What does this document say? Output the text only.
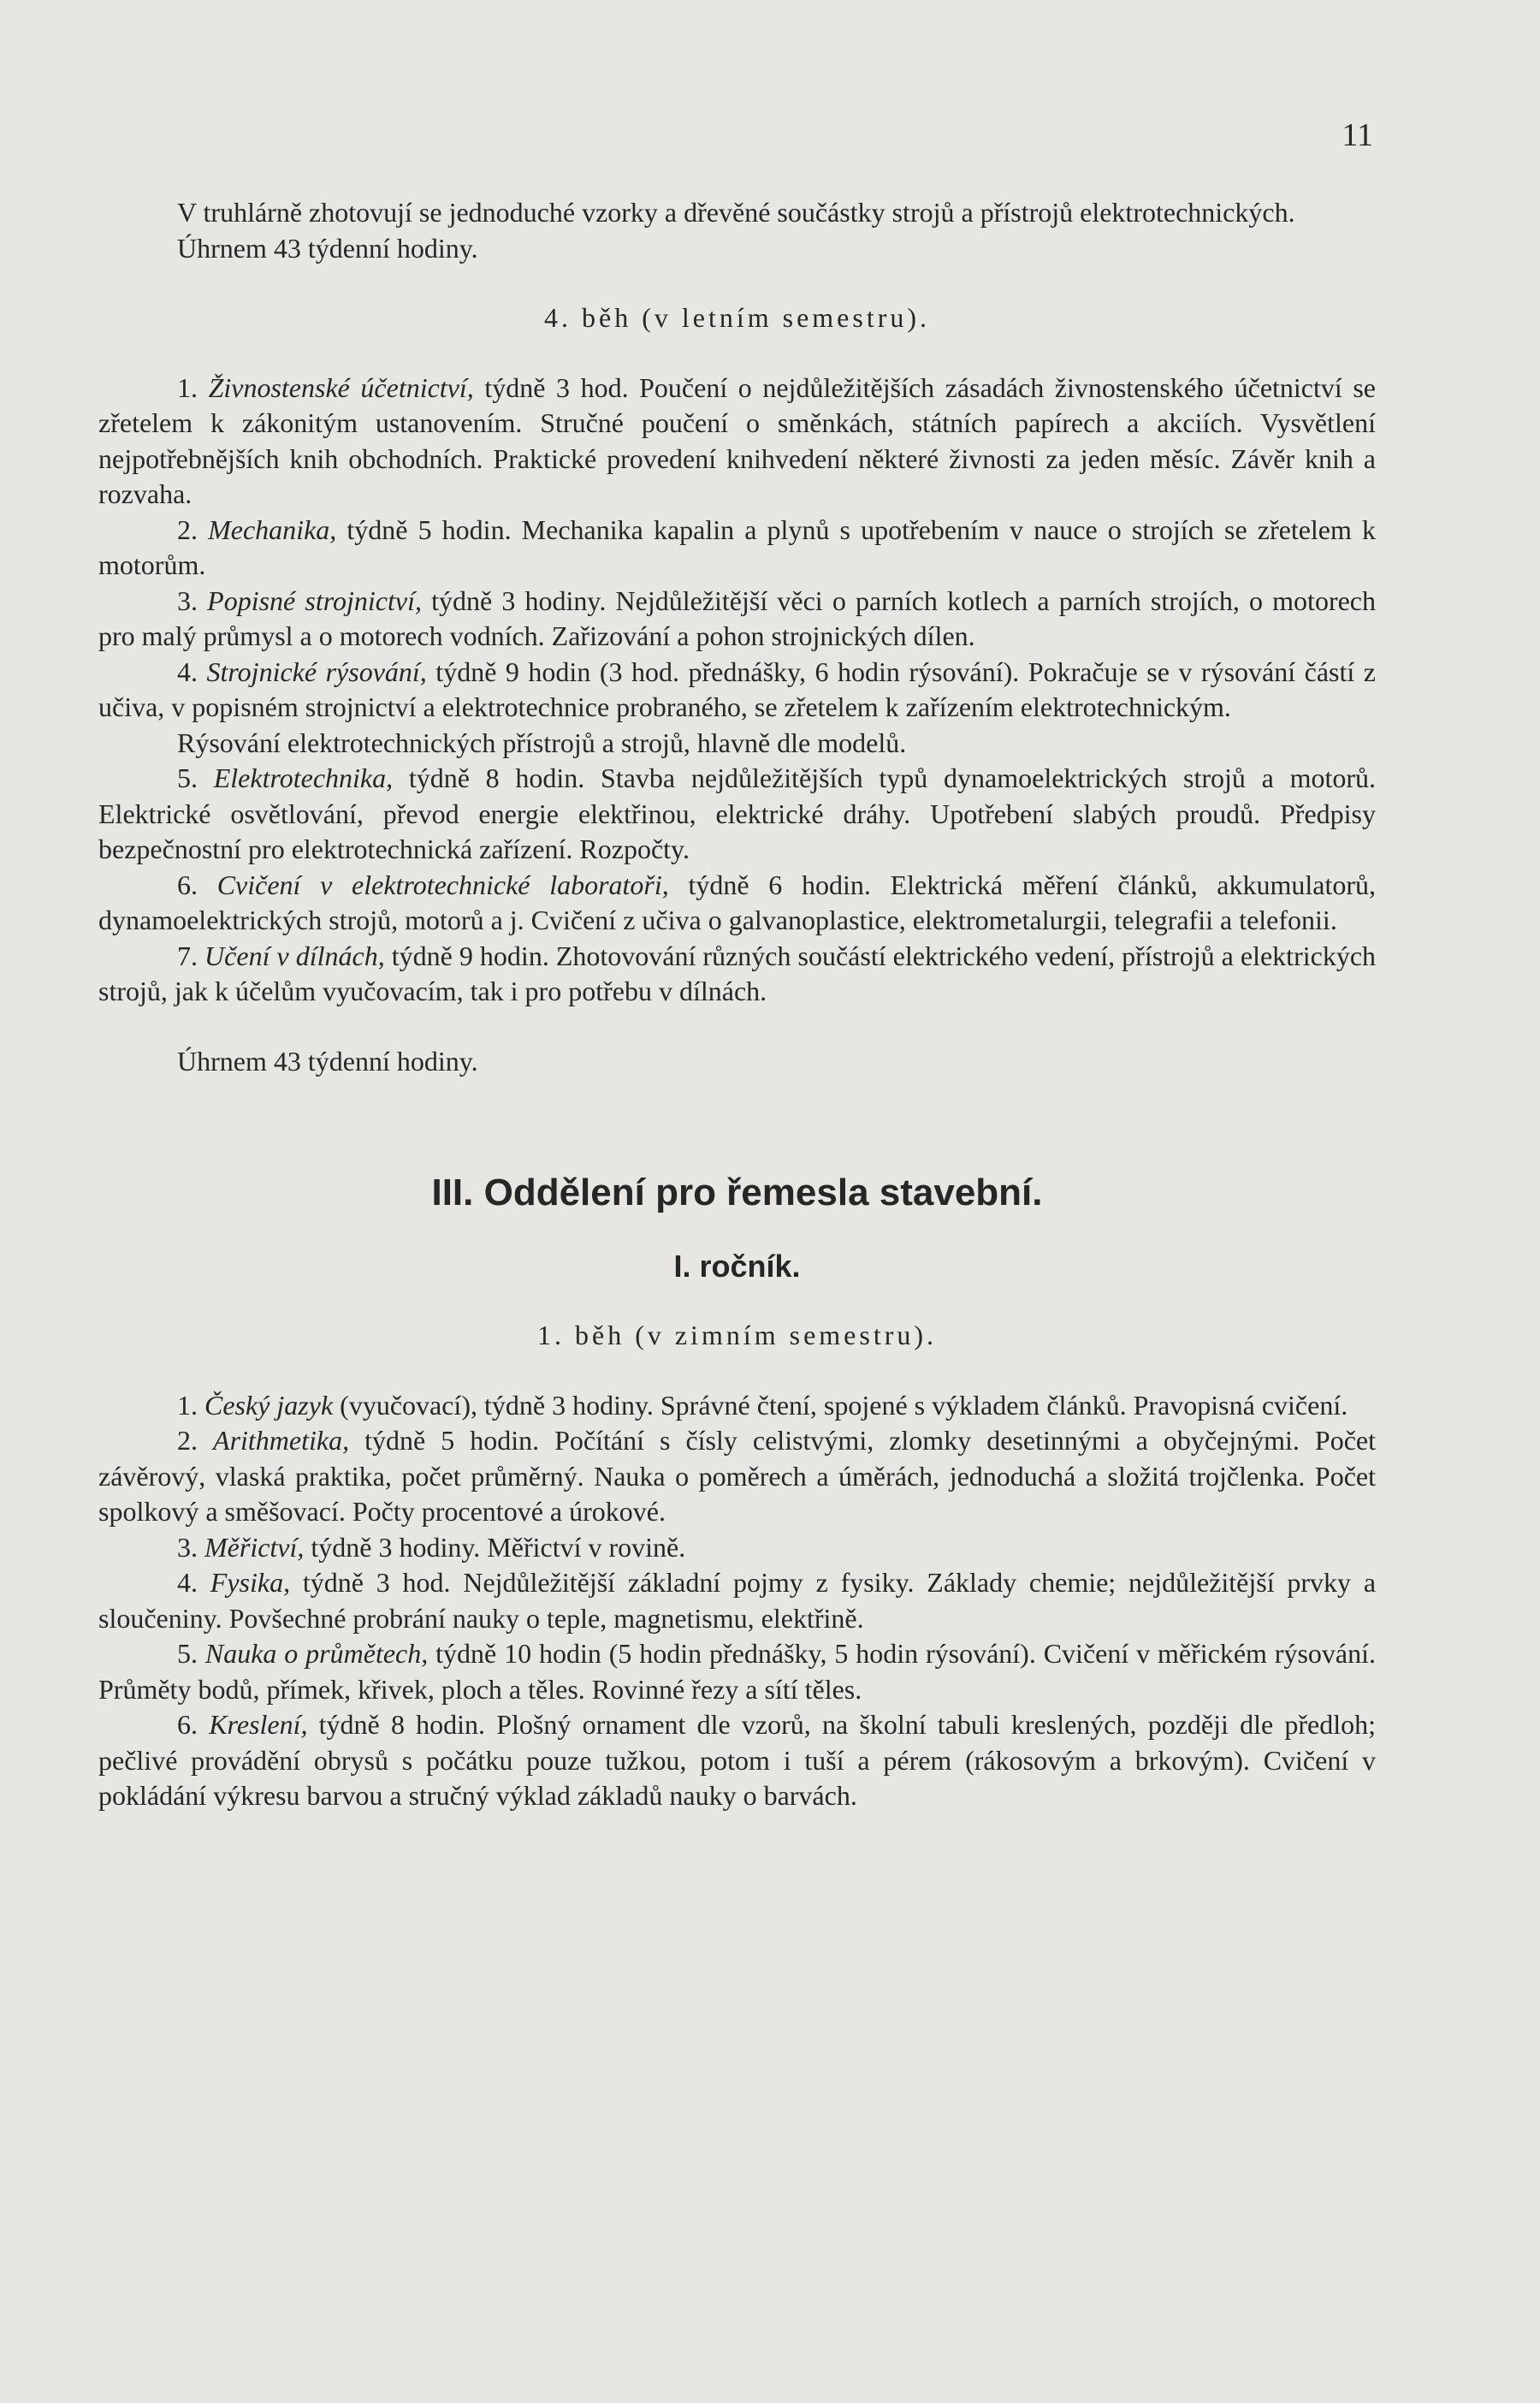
11

V truhlárně zhotovují se jednoduché vzorky a dřevěné součástky strojů a přístrojů elektrotechnických.

Úhrnem 43 týdenní hodiny.

4. běh (v letním semestru).

1. Živnostenské účetnictví, týdně 3 hod. Poučení o nejdůležitějších zásadách živnostenského účetnictví se zřetelem k zákonitým ustanovením. Stručné poučení o směnkách, státních papírech a akciích. Vysvětlení nejpotřebnějších knih obchodních. Praktické provedení knihvedení některé živnosti za jeden měsíc. Závěr knih a rozvaha.

2. Mechanika, týdně 5 hodin. Mechanika kapalin a plynů s upotřebením v nauce o strojích se zřetelem k motorům.

3. Popisné strojnictví, týdně 3 hodiny. Nejdůležitější věci o parních kotlech a parních strojích, o motorech pro malý průmysl a o motorech vodních. Zařizování a pohon strojnických dílen.

4. Strojnické rýsování, týdně 9 hodin (3 hod. přednášky, 6 hodin rýsování). Pokračuje se v rýsování částí z učiva, v popisném strojnictví a elektrotechnice probraného, se zřetelem k zařízením elektrotechnickým.

Rýsování elektrotechnických přístrojů a strojů, hlavně dle modelů.

5. Elektrotechnika, týdně 8 hodin. Stavba nejdůležitějších typů dynamoelektrických strojů a motorů. Elektrické osvětlování, převod energie elektřinou, elektrické dráhy. Upotřebení slabých proudů. Předpisy bezpečnostní pro elektrotechnická zařízení. Rozpočty.

6. Cvičení v elektrotechnické laboratoři, týdně 6 hodin. Elektrická měření článků, akkumulatorů, dynamoelektrických strojů, motorů a j. Cvičení z učiva o galvanoplastice, elektrometalurgii, telegrafii a telefonii.

7. Učení v dílnách, týdně 9 hodin. Zhotovování různých součástí elektrického vedení, přístrojů a elektrických strojů, jak k účelům vyučovacím, tak i pro potřebu v dílnách.

Úhrnem 43 týdenní hodiny.

III. Oddělení pro řemesla stavební.
I. ročník.

1. běh (v zimním semestru).

1. Český jazyk (vyučovací), týdně 3 hodiny. Správné čtení, spojené s výkladem článků. Pravopisná cvičení.

2. Arithmetika, týdně 5 hodin. Počítání s čísly celistvými, zlomky desetinnými a obyčejnými. Počet závěrový, vlaská praktika, počet průměrný. Nauka o poměrech a úměrách, jednoduchá a složitá trojčlenka. Počet spolkový a směšovací. Počty procentové a úrokové.

3. Měřictví, týdně 3 hodiny. Měřictví v rovině.

4. Fysika, týdně 3 hod. Nejdůležitější základní pojmy z fysiky. Základy chemie; nejdůležitější prvky a sloučeniny. Povšechné probrání nauky o teple, magnetismu, elektřině.

5. Nauka o průmětech, týdně 10 hodin (5 hodin přednášky, 5 hodin rýsování). Cvičení v měřickém rýsování. Průměty bodů, přímek, křivek, ploch a těles. Rovinné řezy a sítí těles.

6. Kreslení, týdně 8 hodin. Plošný ornament dle vzorů, na školní tabuli kreslených, později dle předloh; pečlivé provádění obrysů s počátku pouze tužkou, potom i tuší a pérem (rákosovým a brkovým). Cvičení v pokládání výkresu barvou a stručný výklad základů nauky o barvách.
